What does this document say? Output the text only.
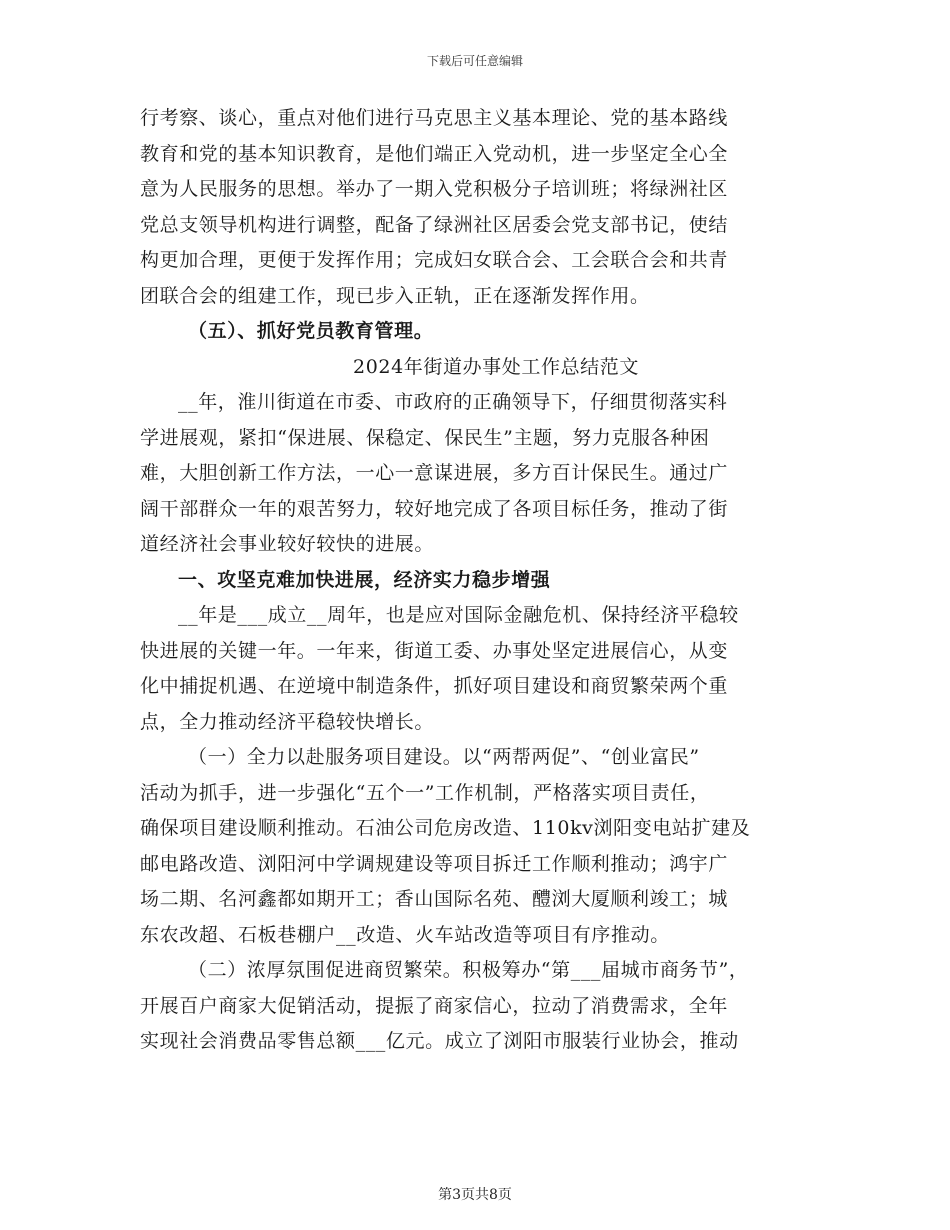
下载后可任意编辑
行考察、谈心，重点对他们进行马克思主义基本理论、党的基本路线
教育和党的基本知识教育，是他们端正入党动机，进一步坚定全心全
意为人民服务的思想。举办了一期入党积极分子培训班；将绿洲社区
党总支领导机构进行调整，配备了绿洲社区居委会党支部书记，使结
构更加合理，更便于发挥作用；完成妇女联合会、工会联合会和共青
团联合会的组建工作，现已步入正轨，正在逐渐发挥作用。
（五）、抓好党员教育管理。
2024年街道办事处工作总结范文
__年，淮川街道在市委、市政府的正确领导下，仔细贯彻落实科
学进展观，紧扣“保进展、保稳定、保民生”主题，努力克服各种困
难，大胆创新工作方法，一心一意谋进展，多方百计保民生。通过广
阔干部群众一年的艰苦努力，较好地完成了各项目标任务，推动了街
道经济社会事业较好较快的进展。
一、攻坚克难加快进展，经济实力稳步增强
__年是___成立__周年，也是应对国际金融危机、保持经济平稳较
快进展的关键一年。一年来，街道工委、办事处坚定进展信心，从变
化中捕捉机遇、在逆境中制造条件，抓好项目建设和商贸繁荣两个重
点，全力推动经济平稳较快增长。
（一）全力以赴服务项目建设。以“两帮两促”、“创业富民”
活动为抓手，进一步强化“五个一”工作机制，严格落实项目责任，
确保项目建设顺利推动。石油公司危房改造、110kv浏阳变电站扩建及
邮电路改造、浏阳河中学调规建设等项目拆迁工作顺利推动；鸿宇广
场二期、名河鑫都如期开工；香山国际名苑、醴浏大厦顺利竣工；城
东农改超、石板巷棚户__改造、火车站改造等项目有序推动。
（二）浓厚氛围促进商贸繁荣。积极筹办“第___届城市商务节”，
开展百户商家大促销活动，提振了商家信心，拉动了消费需求，全年
实现社会消费品零售总额___亿元。成立了浏阳市服装行业协会，推动
第3页共8页
